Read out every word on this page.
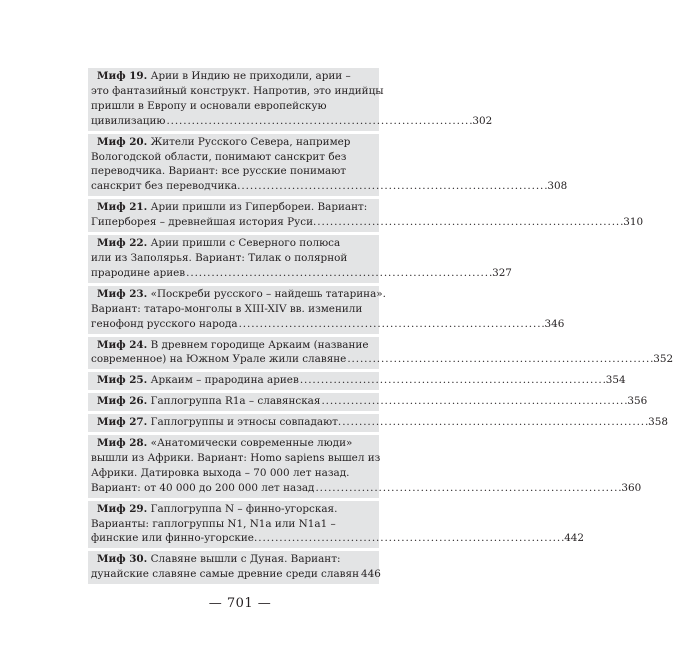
Миф 19. Арии в Индию не приходили, арии –
это фантазийный конструкт. Напротив, это индийцы
пришли в Европу и основали европейскую
цивилизацию . . .	302
Миф 20. Жители Русского Севера, например
Вологодской области, понимают санскрит без
переводчика. Вариант: все русские понимают
санскрит без переводчика. . . .	308
Миф 21. Арии пришли из Гипербореи. Вариант:
Гиперборея – древнейшая история Руси. . . .	310
Миф 22. Арии пришли с Северного полюса
или из Заполярья. Вариант: Тилак о полярной
прародине ариев . . .	327
Миф 23. «Поскреби русского – найдешь татарина».
Вариант: татаро-монголы в XIII-XIV вв. изменили
генофонд русского народа . . .	346
Миф 24. В древнем городище Аркаим (название
современное) на Южном Урале жили славяне . . .	352
Миф 25. Аркаим – прародина ариев . . .	354
Миф 26. Гаплогруппа R1a – славянская . . .	356
Миф 27. Гаплогруппы и этносы совпадают. . . .	358
Миф 28. «Анатомически современные люди»
вышли из Африки. Вариант: Homo sapiens вышел из
Африки. Датировка выхода – 70 000 лет назад.
Вариант: от 40 000 до 200 000 лет назад . . .	360
Миф 29. Гаплогруппа N – финно-угорская.
Варианты: гаплогруппы N1, N1a или N1a1 –
финские или финно-угорские. . . .	442
Миф 30. Славяне вышли с Дуная. Вариант:
дунайские славяне самые древние среди славян 446
— 701 —
